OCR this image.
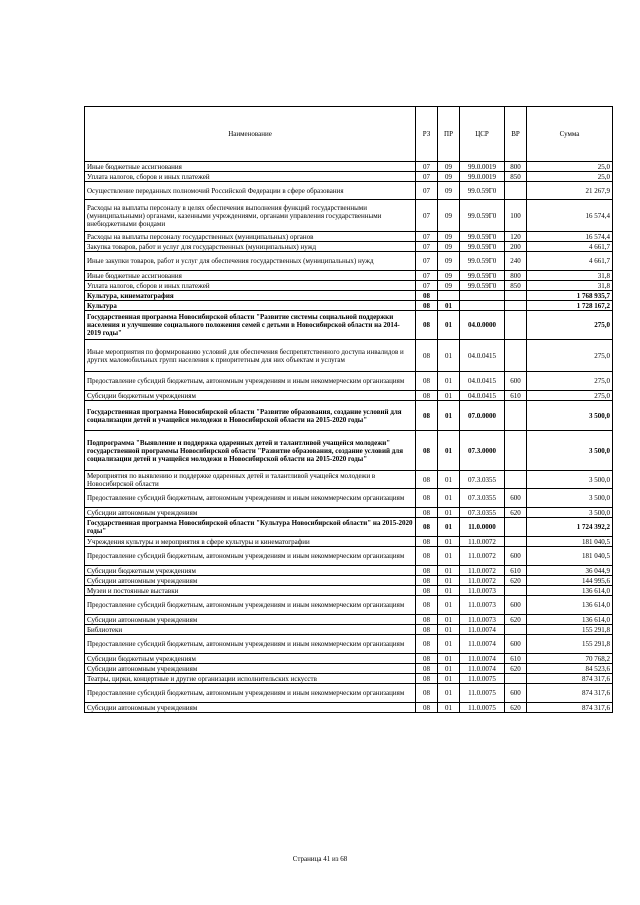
Наименование	РЗ	ПР	ЦСР	ВР	Сумма
Иные бюджетные ассигнования	07	09	99.0.0019	800	25,0
Уплата налогов, сборов и иных платежей	07	09	99.0.0019	850	25,0
Осуществление переданных полномочий Российской Федерации в сфере образования	07	09	99.0.59Г0		21 267,9
Расходы на выплаты персоналу в целях обеспечения выполнения функций государственными (муниципальными) органами, казенными учреждениями, органами управления государственными внебюджетными фондами	07	09	99.0.59Г0	100	16 574,4
Расходы на выплаты персоналу государственных (муниципальных) органов	07	09	99.0.59Г0	120	16 574,4
Закупка товаров, работ и услуг для государственных (муниципальных) нужд	07	09	99.0.59Г0	200	4 661,7
Иные закупки товаров, работ и услуг для обеспечения государственных (муниципальных) нужд	07	09	99.0.59Г0	240	4 661,7
Иные бюджетные ассигнования	07	09	99.0.59Г0	800	31,8
Уплата налогов, сборов и иных платежей	07	09	99.0.59Г0	850	31,8
Культура, кинематография	08				1 768 935,7
Культура	08	01			1 728 167,2
Государственная программа Новосибирской области "Развитие системы социальной поддержки населения и улучшение социального положения семей с детьми в Новосибирской области на 2014-2019 годы"	08	01	04.0.0000		275,0
Иные мероприятия по формированию условий для обеспечения беспрепятственного доступа инвалидов и других маломобильных групп населения к приоритетным для них объектам и услугам	08	01	04.0.0415		275,0
Предоставление субсидий бюджетным, автономным учреждениям и иным некоммерческим организациям	08	01	04.0.0415	600	275,0
Субсидии бюджетным учреждениям	08	01	04.0.0415	610	275,0
Государственная программа Новосибирской области "Развитие образования, создание условий для социализации детей и учащейся молодежи в Новосибирской области на 2015-2020 годы"	08	01	07.0.0000		3 500,0
Подпрограмма "Выявление и поддержка одаренных детей и талантливой учащейся молодежи" государственной программы Новосибирской области "Развитие образования, создание условий для социализации детей и учащейся молодежи в Новосибирской области на 2015-2020 годы"	08	01	07.3.0000		3 500,0
Мероприятия по выявлению и поддержке одаренных детей и талантливой учащейся молодежи в Новосибирской области	08	01	07.3.0355		3 500,0
Предоставление субсидий бюджетным, автономным учреждениям и иным некоммерческим организациям	08	01	07.3.0355	600	3 500,0
Субсидии автономным учреждениям	08	01	07.3.0355	620	3 500,0
Государственная программа Новосибирской области "Культура Новосибирской области" на 2015-2020 годы"	08	01	11.0.0000		1 724 392,2
Учреждения культуры и мероприятия в сфере культуры и кинематографии	08	01	11.0.0072		181 040,5
Предоставление субсидий бюджетным, автономным учреждениям и иным некоммерческим организациям	08	01	11.0.0072	600	181 040,5
Субсидии бюджетным учреждениям	08	01	11.0.0072	610	36 044,9
Субсидии автономным учреждениям	08	01	11.0.0072	620	144 995,6
Музеи и постоянные выставки	08	01	11.0.0073		136 614,0
Предоставление субсидий бюджетным, автономным учреждениям и иным некоммерческим организациям	08	01	11.0.0073	600	136 614,0
Субсидии автономным учреждениям	08	01	11.0.0073	620	136 614,0
Библиотеки	08	01	11.0.0074		155 291,8
Предоставление субсидий бюджетным, автономным учреждениям и иным некоммерческим организациям	08	01	11.0.0074	600	155 291,8
Субсидии бюджетным учреждениям	08	01	11.0.0074	610	70 768,2
Субсидии автономным учреждениям	08	01	11.0.0074	620	84 523,6
Театры, цирки, концертные и другие организации исполнительских искусств	08	01	11.0.0075		874 317,6
Предоставление субсидий бюджетным, автономным учреждениям и иным некоммерческим организациям	08	01	11.0.0075	600	874 317,6
Субсидии автономным учреждениям	08	01	11.0.0075	620	874 317,6
Страница 41 из 68
